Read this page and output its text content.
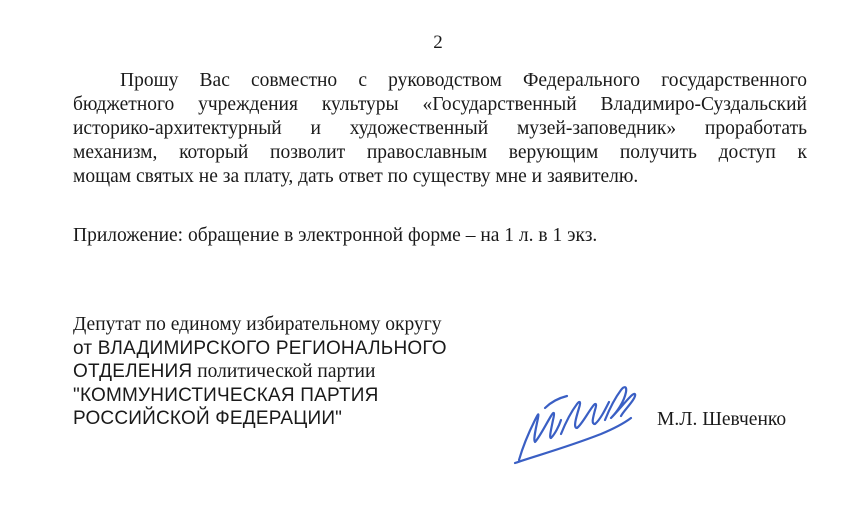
2
Прошу Вас совместно с руководством Федерального государственного
бюджетного учреждения культуры «Государственный Владимиро-Суздальский
историко-архитектурный и художественный музей-заповедник» проработать
механизм, который позволит православным верующим получить доступ к
мощам святых не за плату, дать ответ по существу мне и заявителю.
Приложение: обращение в электронной форме – на 1 л. в 1 экз.
Депутат по единому избирательному округу
от ВЛАДИМИРСКОГО РЕГИОНАЛЬНОГО
ОТДЕЛЕНИЯ политической партии
"КОММУНИСТИЧЕСКАЯ ПАРТИЯ
РОССИЙСКОЙ ФЕДЕРАЦИИ"	М.Л. Шевченко
